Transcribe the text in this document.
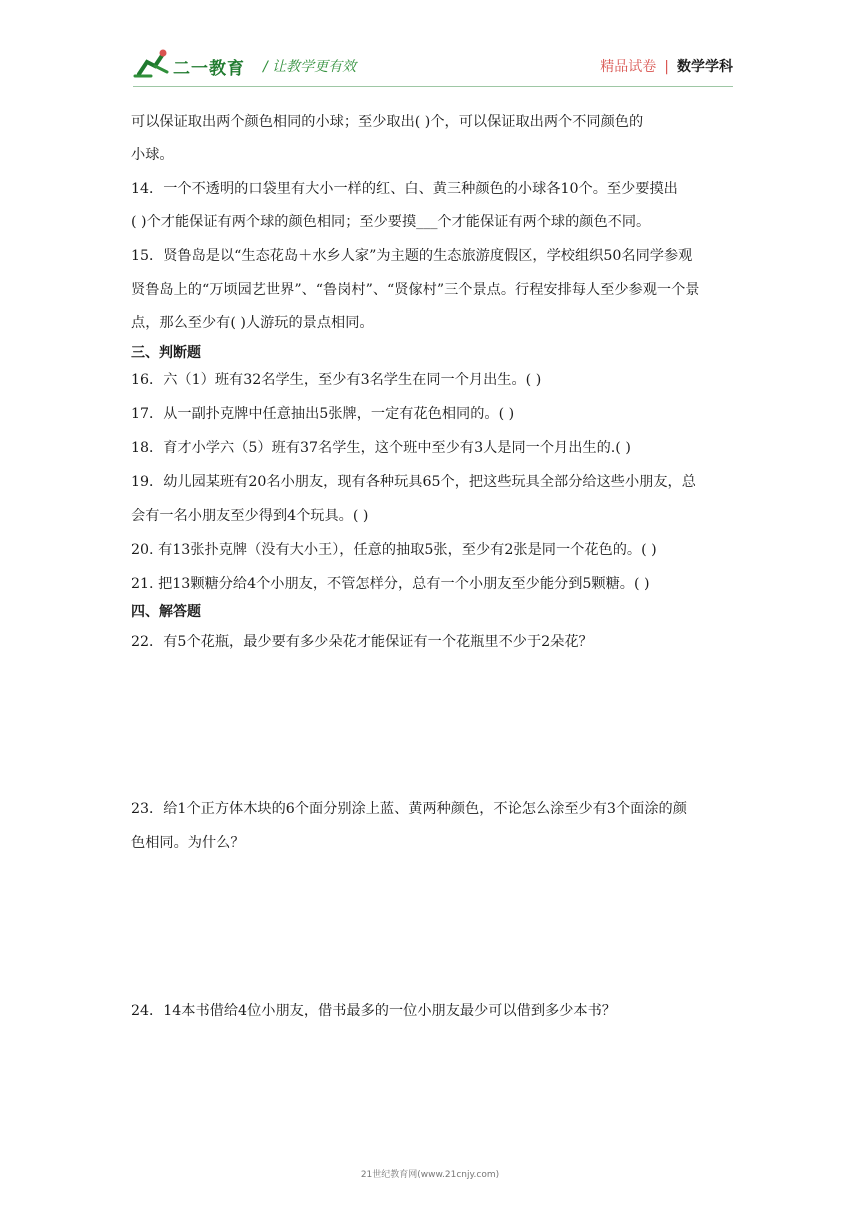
二一教育 / 让教学更有效	精品试卷 | 数学学科
可以保证取出两个颜色相同的小球；至少取出( )个，可以保证取出两个不同颜色的
小球。
14．一个不透明的口袋里有大小一样的红、白、黄三种颜色的小球各10个。至少要摸出
( )个才能保证有两个球的颜色相同；至少要摸___个才能保证有两个球的颜色不同。
15．贤鲁岛是以“生态花岛＋水乡人家”为主题的生态旅游度假区，学校组织50名同学参观
贤鲁岛上的“万顷园艺世界”、“鲁岗村”、“贤傢村”三个景点。行程安排每人至少参观一个景
点，那么至少有( )人游玩的景点相同。
三、判断题
16．六（1）班有32名学生，至少有3名学生在同一个月出生。( )
17．从一副扑克牌中任意抽出5张牌，一定有花色相同的。( )
18．育才小学六（5）班有37名学生，这个班中至少有3人是同一个月出生的.( )
19．幼儿园某班有20名小朋友，现有各种玩具65个，把这些玩具全部分给这些小朋友，总
会有一名小朋友至少得到4个玩具。( )
20. 有13张扑克牌（没有大小王），任意的抽取5张，至少有2张是同一个花色的。( )
21. 把13颗糖分给4个小朋友，不管怎样分，总有一个小朋友至少能分到5颗糖。( )
四、解答题
22．有5个花瓶，最少要有多少朵花才能保证有一个花瓶里不少于2朵花？
23．给1个正方体木块的6个面分别涂上蓝、黄两种颜色，不论怎么涂至少有3个面涂的颜
色相同。为什么？
24．14本书借给4位小朋友，借书最多的一位小朋友最少可以借到多少本书？
21世纪教育网(www.21cnjy.com)
